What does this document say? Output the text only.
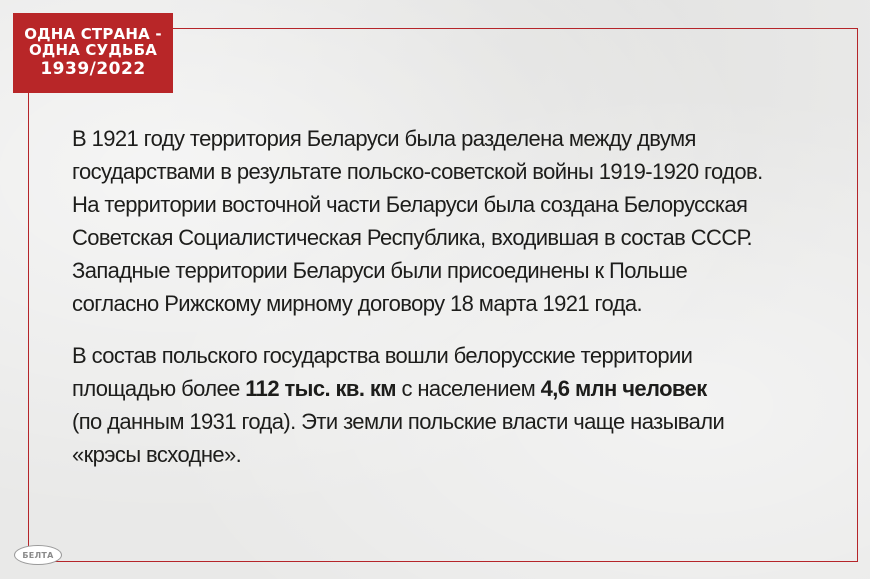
ОДНА СТРАНА -
ОДНА СУДЬБА
1939/2022

В 1921 году территория Беларуси была разделена между двумя
государствами в результате польско-советской войны 1919-1920 годов.
На территории восточной части Беларуси была создана Белорусская
Советская Социалистическая Республика, входившая в состав СССР.
Западные территории Беларуси были присоединены к Польше
согласно Рижскому мирному договору 18 марта 1921 года.

В состав польского государства вошли белорусские территории
площадью более 112 тыс. кв. км с населением 4,6 млн человек
(по данным 1931 года). Эти земли польские власти чаще называли
«крэсы всходне».

БЕЛТА
